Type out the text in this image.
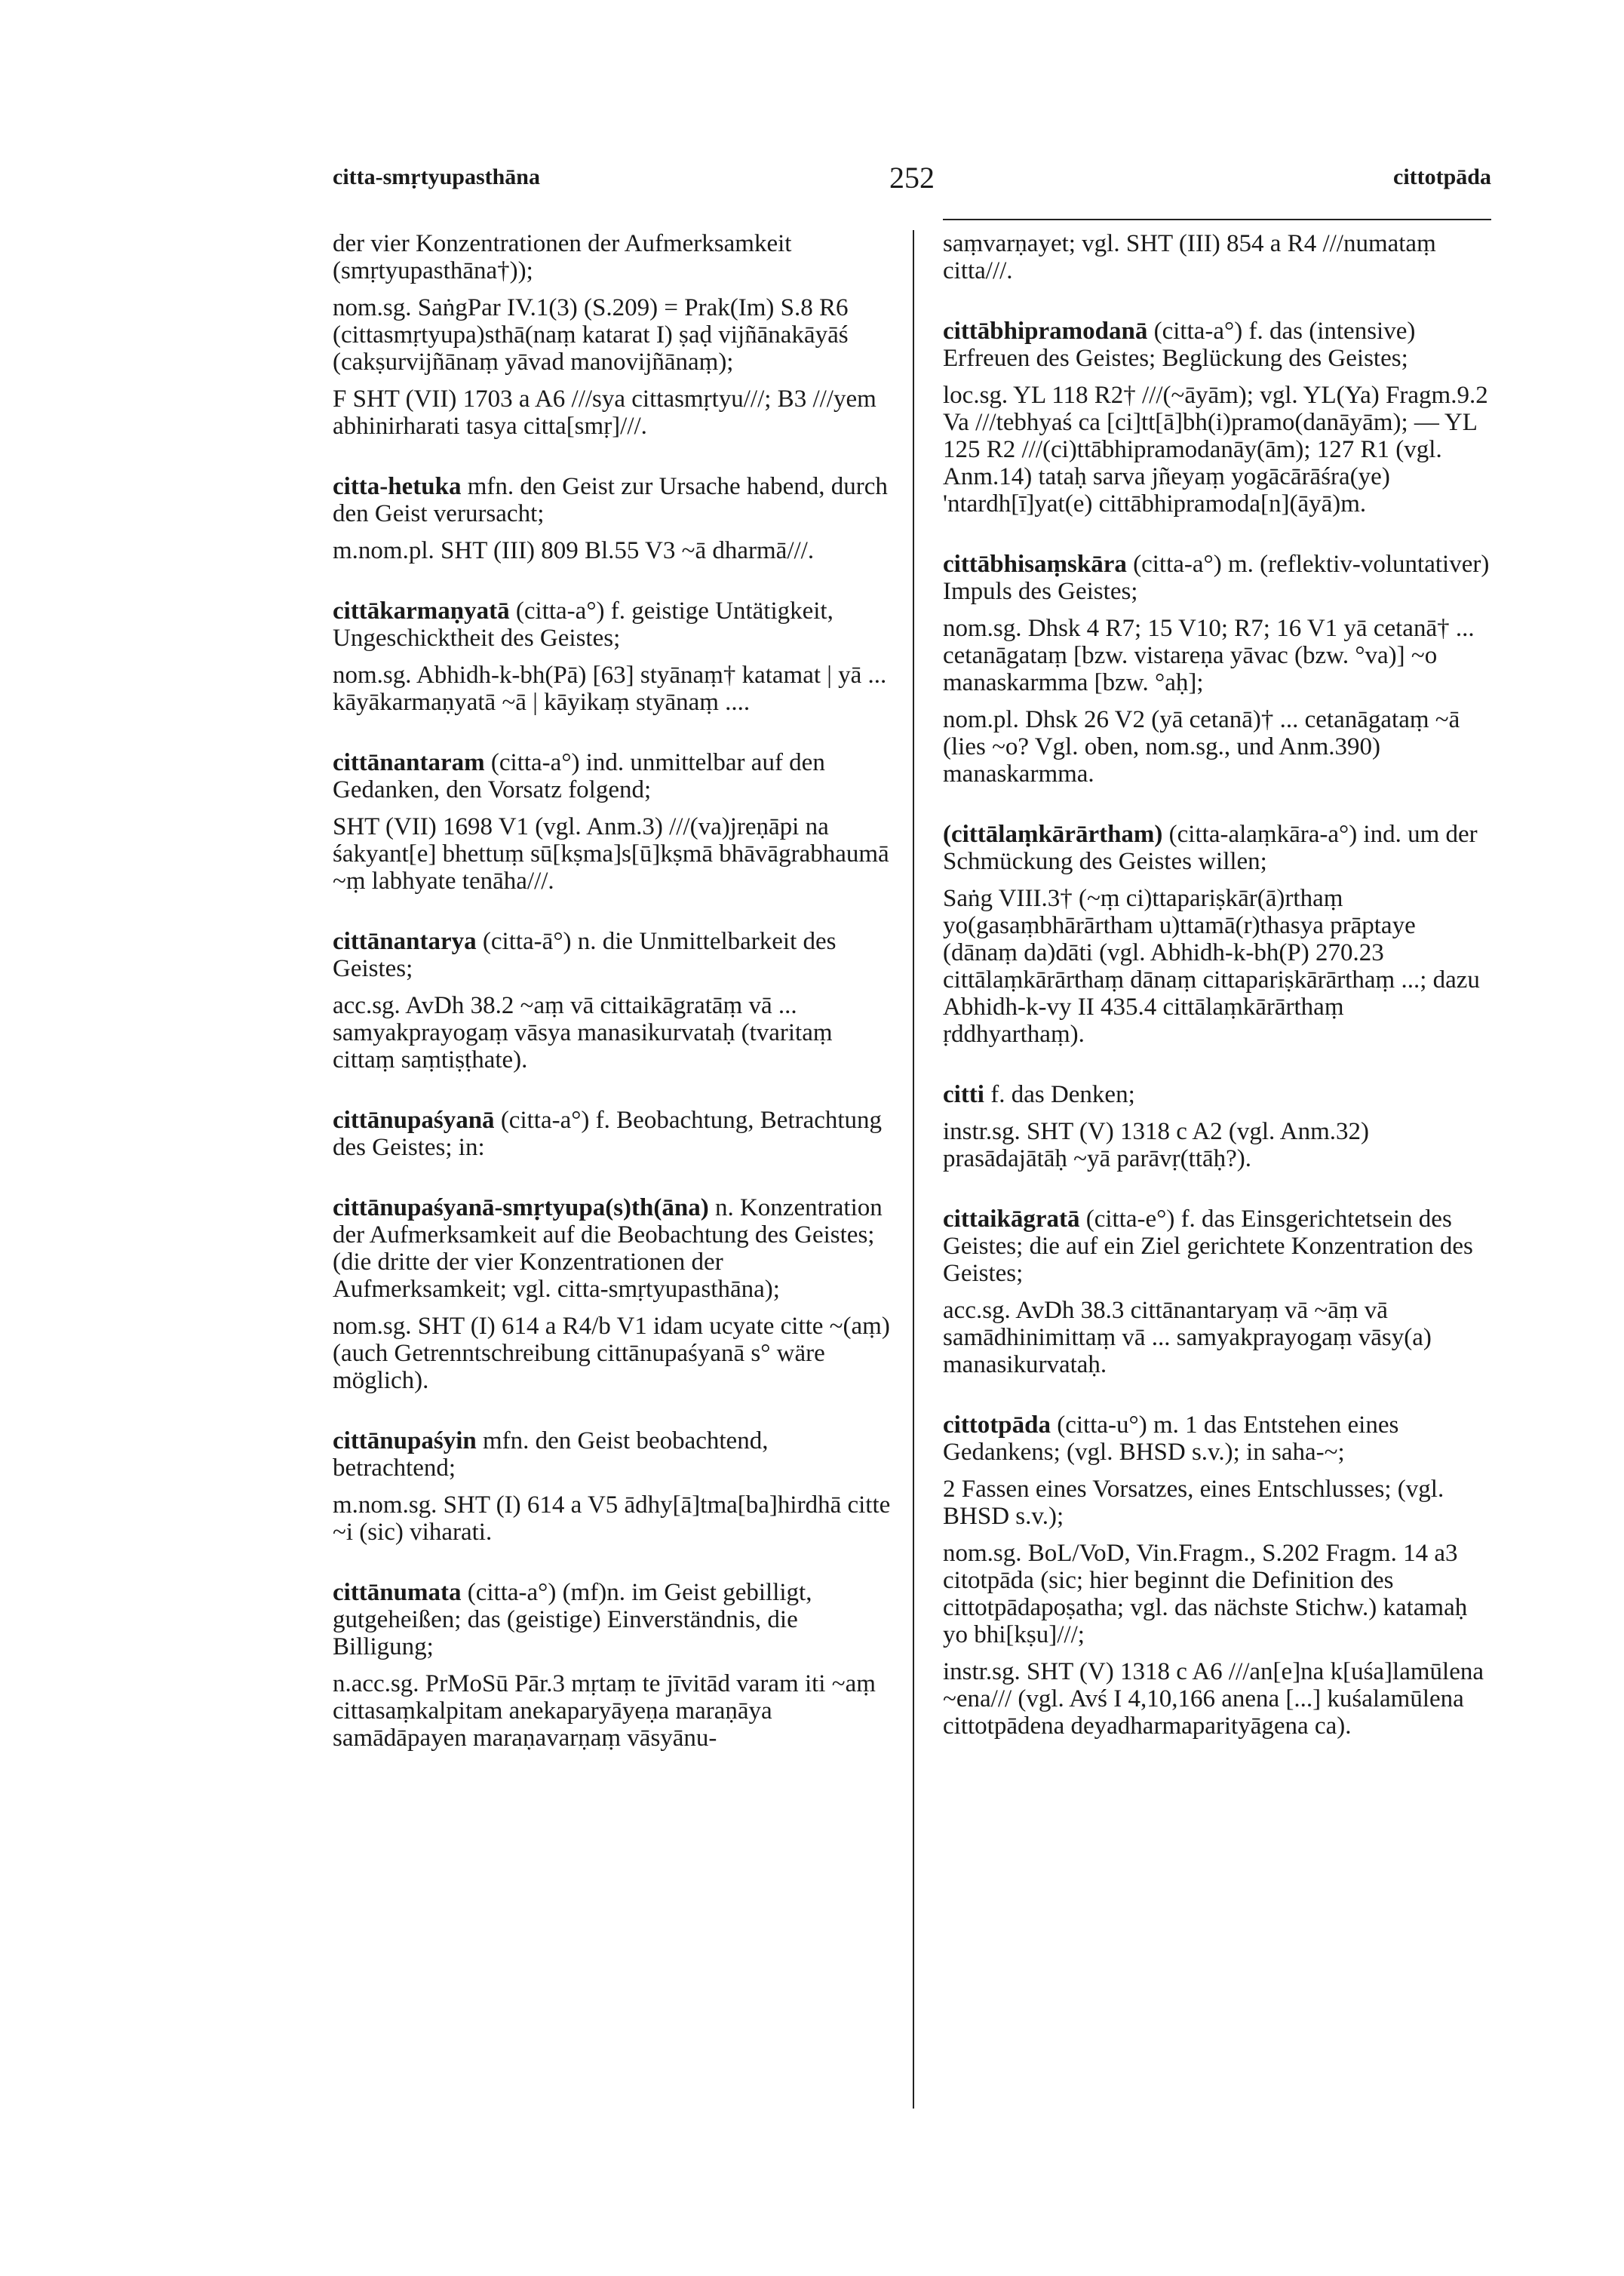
citta-smṛtyupasthāna	252	cittotpāda

der vier Konzentrationen der Aufmerksamkeit (smṛtyupasthāna†));

nom.sg. SaṅgPar IV.1(3) (S.209) = Prak(Im) S.8 R6 (cittasmṛtyupa)sthā(naṃ katarat I) ṣaḍ vijñānakāyāś (cakṣurvijñānaṃ yāvad manovijñānaṃ);

F SHT (VII) 1703 a A6 ///sya cittasmṛtyu///; B3 ///yem abhinirharati tasya citta[smṛ]///.

citta-hetuka mfn. den Geist zur Ursache habend, durch den Geist verursacht;

m.nom.pl. SHT (III) 809 Bl.55 V3 ~ā dharmā///.

cittākarmaṇyatā (citta-a°) f. geistige Untätigkeit, Ungeschicktheit des Geistes;

nom.sg. Abhidh-k-bh(Pā) [63] styānaṃ† katamat | yā ... kāyākarmaṇyatā ~ā | kāyikaṃ styānaṃ ....

cittānantaram (citta-a°) ind. unmittelbar auf den Gedanken, den Vorsatz folgend;

SHT (VII) 1698 V1 (vgl. Anm.3) ///(va)jreṇāpi na śakyant[e] bhettuṃ sū[kṣma]s[ū]kṣmā bhāvāgrabhaumā ~ṃ labhyate tenāha///.

cittānantarya (citta-ā°) n. die Unmittelbarkeit des Geistes;

acc.sg. AvDh 38.2 ~aṃ vā cittaikāgratāṃ vā ... samyakprayogaṃ vāsya manasikurvataḥ (tvaritaṃ cittaṃ saṃtiṣṭhate).

cittānupaśyanā (citta-a°) f. Beobachtung, Betrachtung des Geistes; in:

cittānupaśyanā-smṛtyupa(s)th(āna) n. Konzentration der Aufmerksamkeit auf die Beobachtung des Geistes; (die dritte der vier Konzentrationen der Aufmerksamkeit; vgl. citta-smṛtyupasthāna);

nom.sg. SHT (I) 614 a R4/b V1 idam ucyate citte ~(aṃ) (auch Getrenntschreibung cittānupaśyanā s° wäre möglich).

cittānupaśyin mfn. den Geist beobachtend, betrachtend;

m.nom.sg. SHT (I) 614 a V5 ādhy[ā]tma[ba]hirdhā citte ~i (sic) viharati.

cittānumata (citta-a°) (mf)n. im Geist gebilligt, gutgeheißen; das (geistige) Einverständnis, die Billigung;

n.acc.sg. PrMoSū Pār.3 mṛtaṃ te jīvitād varam iti ~aṃ cittasaṃkalpitam anekaparyāyeṇa maraṇāya samādāpayen maraṇavarṇaṃ vāsyānu-

saṃvarṇayet; vgl. SHT (III) 854 a R4 ///numataṃ citta///.

cittābhipramodanā (citta-a°) f. das (intensive) Erfreuen des Geistes; Beglückung des Geistes;

loc.sg. YL 118 R2† ///(~āyām); vgl. YL(Ya) Fragm.9.2 Va ///tebhyaś ca [ci]tt[ā]bh(i)pramo(danāyām); — YL 125 R2 ///(ci)ttābhipramodanāy(ām); 127 R1 (vgl. Anm.14) tataḥ sarva jñeyaṃ yogācārāśra(ye) 'ntardh[ī]yat(e) cittābhipramoda[n](āyā)m.

cittābhisaṃskāra (citta-a°) m. (reflektiv-voluntativer) Impuls des Geistes;

nom.sg. Dhsk 4 R7; 15 V10; R7; 16 V1 yā cetanā† ... cetanāgataṃ [bzw. vistareṇa yāvac (bzw. °va)] ~o manaskarmma [bzw. °aḥ];

nom.pl. Dhsk 26 V2 (yā cetanā)† ... cetanāgataṃ ~ā (lies ~o? Vgl. oben, nom.sg., und Anm.390) manaskarmma.

(cittālaṃkārārtham) (citta-alaṃkāra-a°) ind. um der Schmückung des Geistes willen;

Saṅg VIII.3† (~ṃ ci)ttapariṣkār(ā)rthaṃ yo(gasaṃbhārārtham u)ttamā(r)thasya prāptaye (dānaṃ da)dāti (vgl. Abhidh-k-bh(P) 270.23 cittālaṃkārārthaṃ dānaṃ cittapariṣkārārthaṃ ...; dazu Abhidh-k-vy II 435.4 cittālaṃkārārthaṃ ṛddhyarthaṃ).

citti f. das Denken;

instr.sg. SHT (V) 1318 c A2 (vgl. Anm.32) prasādajātāḥ ~yā parāvṛ(ttāḥ?).

cittaikāgratā (citta-e°) f. das Einsgerichtetsein des Geistes; die auf ein Ziel gerichtete Konzentration des Geistes;

acc.sg. AvDh 38.3 cittānantaryaṃ vā ~āṃ vā samādhinimittaṃ vā ... samyakprayogaṃ vāsy(a) manasikurvataḥ.

cittotpāda (citta-u°) m. 1 das Entstehen eines Gedankens; (vgl. BHSD s.v.); in saha-~;

2 Fassen eines Vorsatzes, eines Entschlusses; (vgl. BHSD s.v.);

nom.sg. BoL/VoD, Vin.Fragm., S.202 Fragm. 14 a3 citotpāda (sic; hier beginnt die Definition des cittotpādapoṣatha; vgl. das nächste Stichw.) katamaḥ yo bhi[kṣu]///;

instr.sg. SHT (V) 1318 c A6 ///an[e]na k[uśa]lamūlena ~ena/// (vgl. Avś I 4,10,166 anena [...] kuśalamūlena cittotpādena deyadharmaparityāgena ca).
